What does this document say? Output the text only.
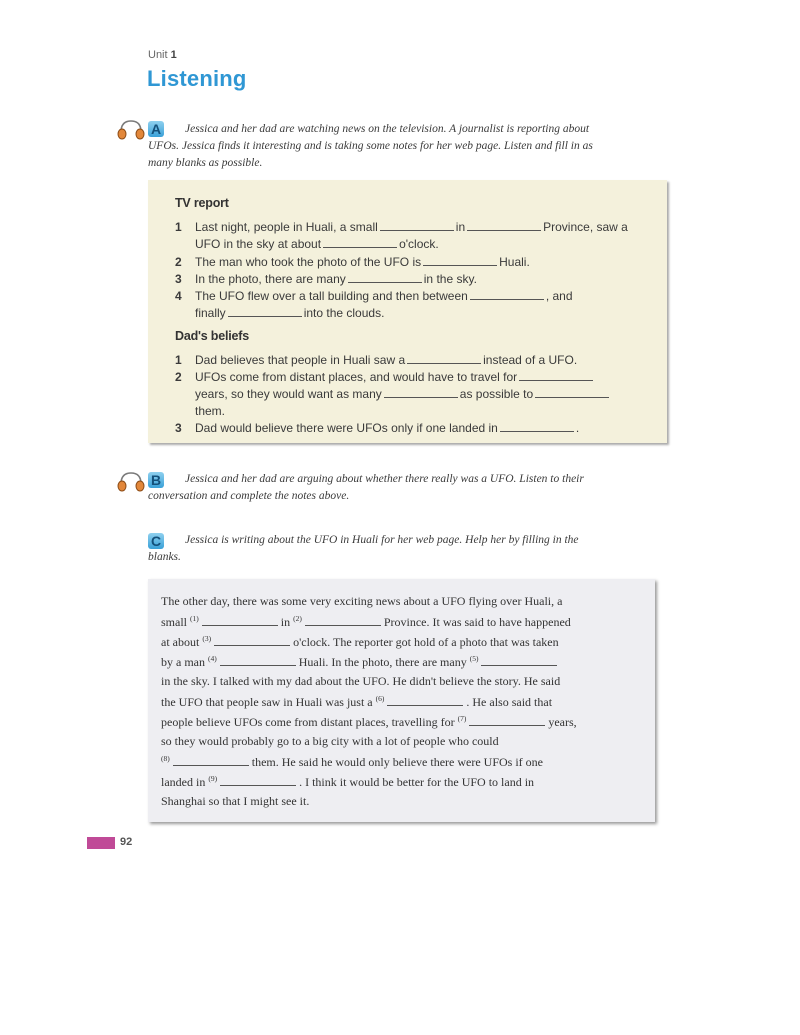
Unit 1
Listening
A Jessica and her dad are watching news on the television. A journalist is reporting about
UFOs. Jessica finds it interesting and is taking some notes for her web page. Listen and fill in as
many blanks as possible.
TV report
1 Last night, people in Huali, a small	in	Province, saw a
UFO in the sky at about	o'clock.
2 The man who took the photo of the UFO is	Huali.
3 In the photo, there are many	in the sky.
4 The UFO flew over a tall building and then between	, and
finally	into the clouds.
Dad's beliefs
1 Dad believes that people in Huali saw a	instead of a UFO.
2 UFOs come from distant places, and would have to travel for
years, so they would want as many	as possible to
them.
3 Dad would believe there were UFOs only if one landed in	.
B Jessica and her dad are arguing about whether there really was a UFO. Listen to their
conversation and complete the notes above.
C Jessica is writing about the UFO in Huali for her web page. Help her by filling in the
blanks.
The other day, there was some very exciting news about a UFO flying over Huali, a
small $^{(1)}$	in $^{(2)}$	Province. It was said to have happened
at about $^{(3)}$	o'clock. The reporter got hold of a photo that was taken
by a man $^{(4)}$	Huali. In the photo, there are many $^{(5)}$
in the sky. I talked with my dad about the UFO. He didn't believe the story. He said
the UFO that people saw in Huali was just a $^{(6)}$	. He also said that
people believe UFOs come from distant places, travelling for $^{(7)}$	years,
so they would probably go to a big city with a lot of people who could
$^{(8)}$	them. He said he would only believe there were UFOs if one
landed in $^{(9)}$	. I think it would be better for the UFO to land in
Shanghai so that I might see it.
92
